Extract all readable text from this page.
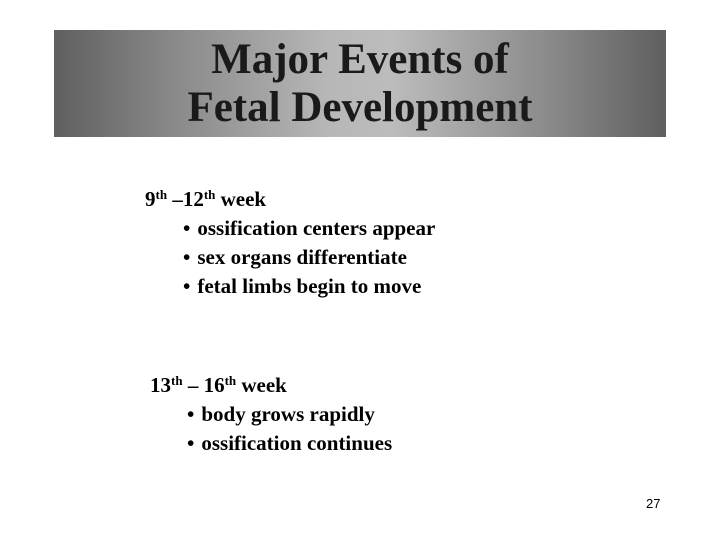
Major Events of
Fetal Development
9th –12th week
• ossification centers appear
• sex organs differentiate
• fetal limbs begin to move
13th – 16th week
• body grows rapidly
• ossification continues
27
